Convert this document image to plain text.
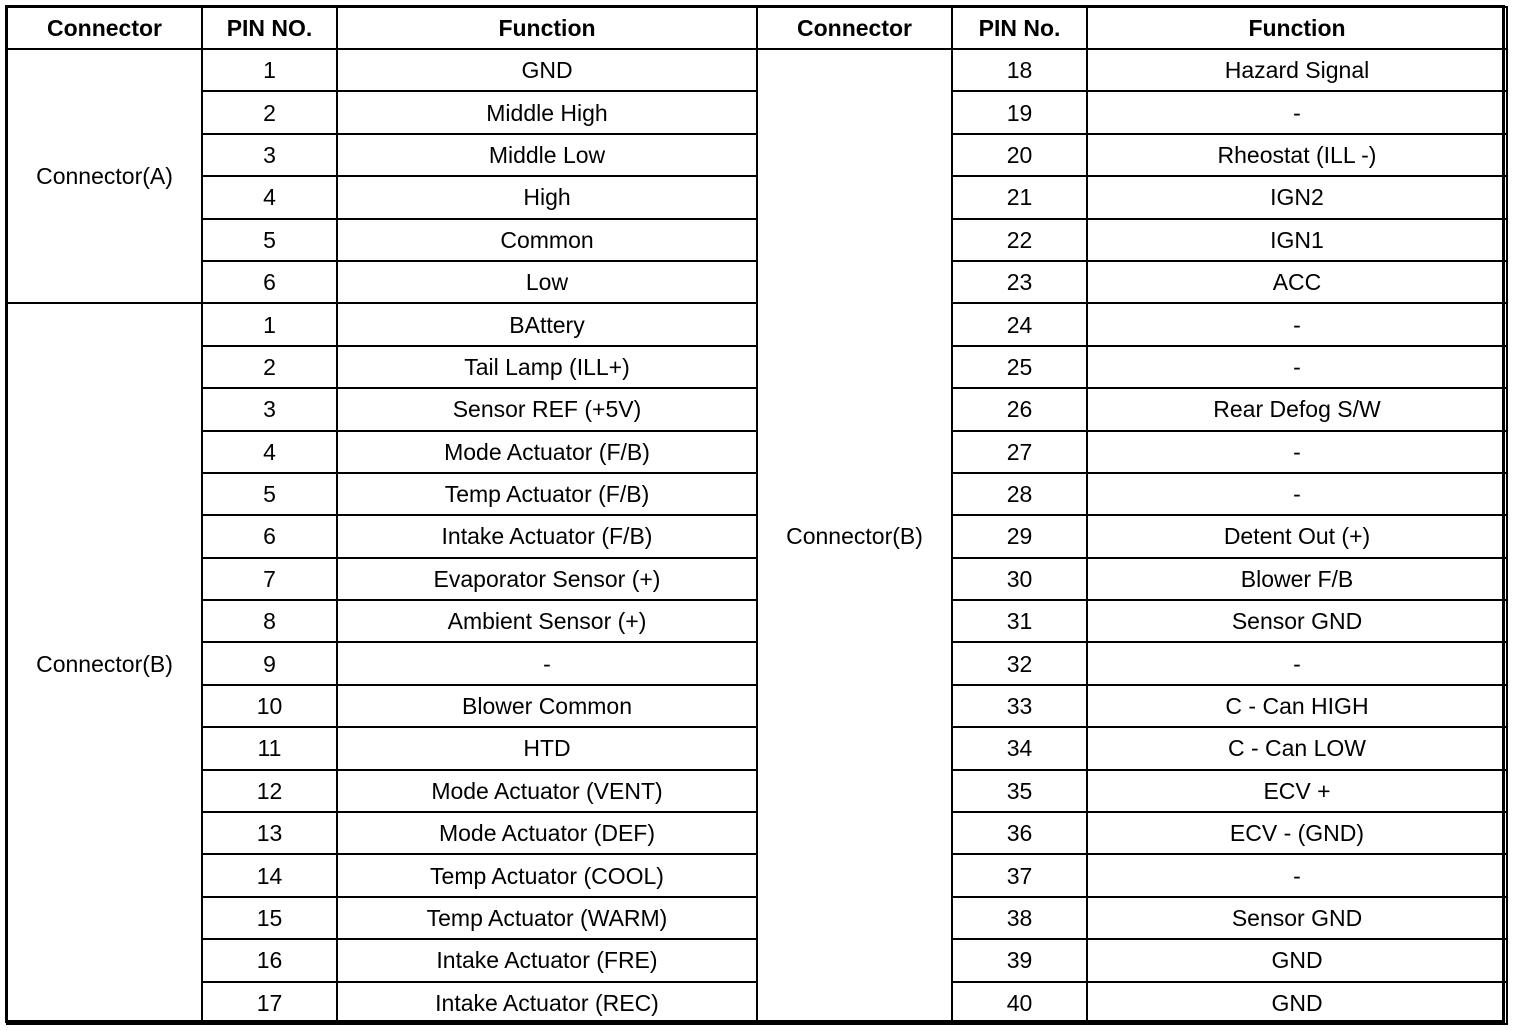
Connector	PIN NO.	Function	Connector	PIN No.	Function
Connector(A)	1	GND	Connector(B)	18	Hazard Signal
	2	Middle High		19	-
	3	Middle Low		20	Rheostat (ILL -)
	4	High		21	IGN2
	5	Common		22	IGN1
	6	Low		23	ACC
Connector(B)	1	BAttery		24	-
	2	Tail Lamp (ILL+)		25	-
	3	Sensor REF (+5V)		26	Rear Defog S/W
	4	Mode Actuator (F/B)		27	-
	5	Temp Actuator (F/B)		28	-
	6	Intake Actuator (F/B)		29	Detent Out (+)
	7	Evaporator Sensor (+)		30	Blower F/B
	8	Ambient Sensor (+)		31	Sensor GND
	9	-		32	-
	10	Blower Common		33	C - Can HIGH
	11	HTD		34	C - Can LOW
	12	Mode Actuator (VENT)		35	ECV +
	13	Mode Actuator (DEF)		36	ECV - (GND)
	14	Temp Actuator (COOL)		37	-
	15	Temp Actuator (WARM)		38	Sensor GND
	16	Intake Actuator (FRE)		39	GND
	17	Intake Actuator (REC)		40	GND
